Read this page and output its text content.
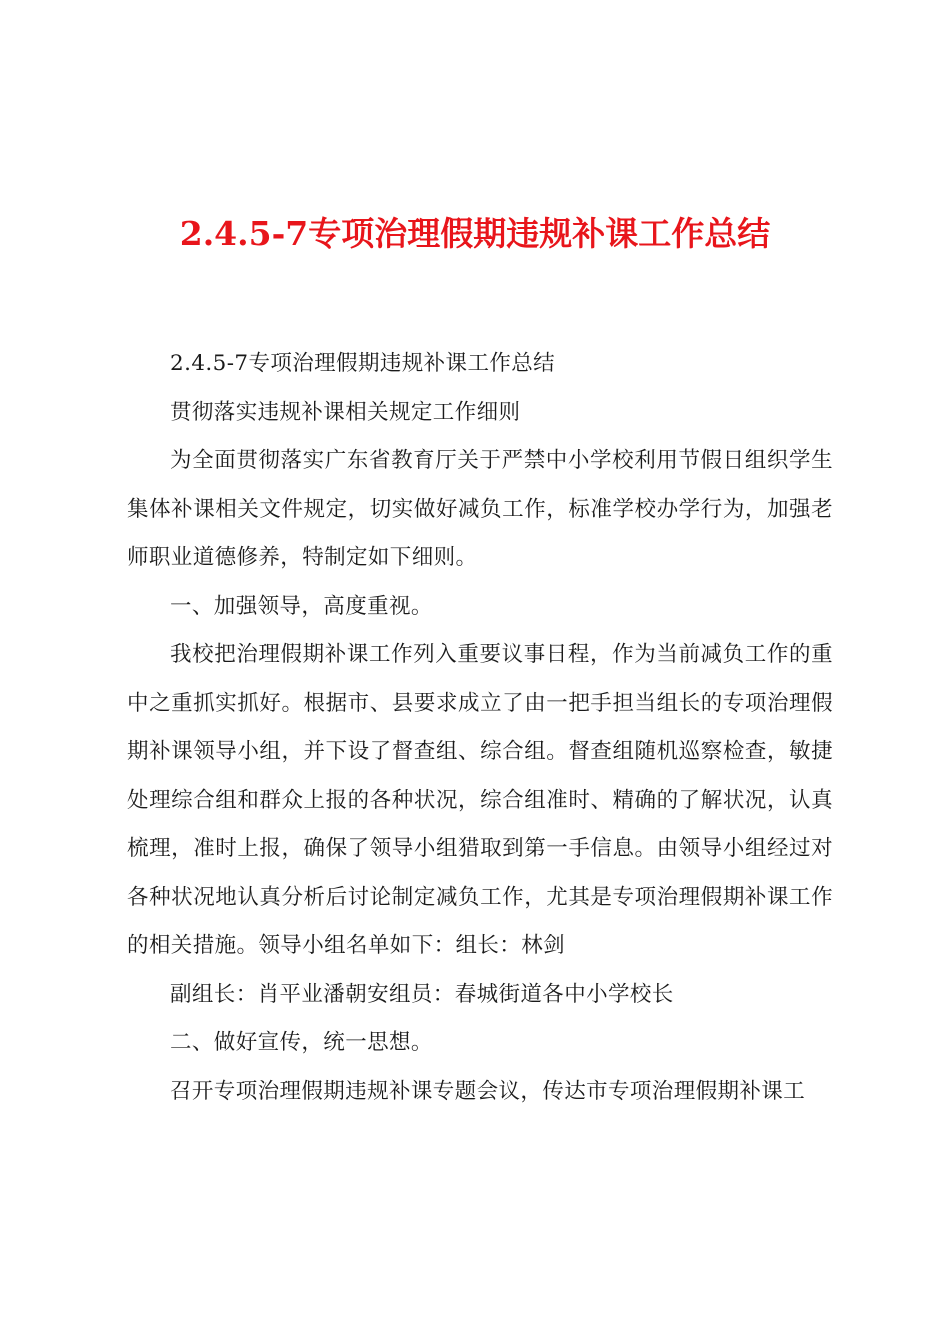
2.4.5-7专项治理假期违规补课工作总结

2.4.5-7专项治理假期违规补课工作总结

贯彻落实违规补课相关规定工作细则

为全面贯彻落实广东省教育厅关于严禁中小学校利用节假日组织学生集体补课相关文件规定，切实做好减负工作，标准学校办学行为，加强老师职业道德修养，特制定如下细则。

一、加强领导，高度重视。

我校把治理假期补课工作列入重要议事日程，作为当前减负工作的重中之重抓实抓好。根据市、县要求成立了由一把手担当组长的专项治理假期补课领导小组，并下设了督查组、综合组。督查组随机巡察检查，敏捷处理综合组和群众上报的各种状况，综合组准时、精确的了解状况，认真梳理，准时上报，确保了领导小组猎取到第一手信息。由领导小组经过对各种状况地认真分析后讨论制定减负工作，尤其是专项治理假期补课工作的相关措施。领导小组名单如下：组长：林剑

副组长：肖平业潘朝安组员：春城街道各中小学校长

二、做好宣传，统一思想。

召开专项治理假期违规补课专题会议，传达市专项治理假期补课工
